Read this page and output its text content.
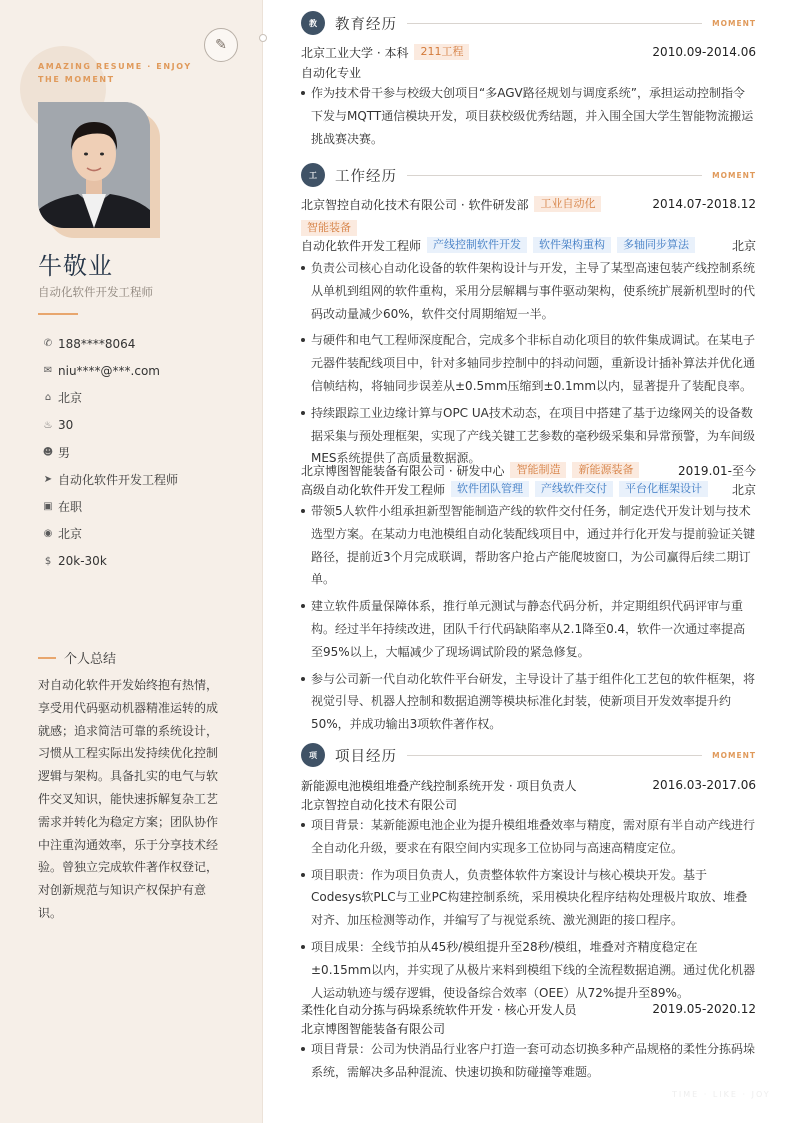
✎
AMAZING RESUME · ENJOY THE MOMENT
牛敬业
自动化软件开发工程师
✆ 188****8064
✉ niu****@***.com
⌂ 北京
♨ 30
☻ 男
➤ 自动化软件开发工程师
▣ 在职
◉ 北京
$ 20k-30k
个人总结
对自动化软件开发始终抱有热情，享受用代码驱动机器精准运转的成就感；追求简洁可靠的系统设计，习惯从工程实际出发持续优化控制逻辑与架构。具备扎实的电气与软件交叉知识，能快速拆解复杂工艺需求并转化为稳定方案；团队协作中注重沟通效率，乐于分享技术经验。曾独立完成软件著作权登记，对创新规范与知识产权保护有意识。
教	教育经历	MOMENT
北京工业大学 · 本科	211工程	2010.09-2014.06
自动化专业
作为技术骨干参与校级大创项目“多AGV路径规划与调度系统”，承担运动控制指令下发与MQTT通信模块开发，项目获校级优秀结题，并入围全国大学生智能物流搬运挑战赛决赛。
工	工作经历	MOMENT
北京智控自动化技术有限公司 · 软件研发部	工业自动化	2014.07-2018.12
智能装备
自动化软件开发工程师	产线控制软件开发	软件架构重构	多轴同步算法	北京
负责公司核心自动化设备的软件架构设计与开发，主导了某型高速包装产线控制系统从单机到组网的软件重构，采用分层解耦与事件驱动架构，使系统扩展新机型时的代码改动量减少60%，软件交付周期缩短一半。
与硬件和电气工程师深度配合，完成多个非标自动化项目的软件集成调试。在某电子元器件装配线项目中，针对多轴同步控制中的抖动问题，重新设计插补算法并优化通信帧结构，将轴同步误差从±0.5mm压缩到±0.1mm以内，显著提升了装配良率。
持续跟踪工业边缘计算与OPC UA技术动态，在项目中搭建了基于边缘网关的设备数据采集与预处理框架，实现了产线关键工艺参数的毫秒级采集和异常预警，为车间级MES系统提供了高质量数据源。
北京博图智能装备有限公司 · 研发中心	智能制造	新能源装备	2019.01-至今
高级自动化软件开发工程师	软件团队管理	产线软件交付	平台化框架设计	北京
带领5人软件小组承担新型智能制造产线的软件交付任务，制定迭代开发计划与技术选型方案。在某动力电池模组自动化装配线项目中，通过并行化开发与提前验证关键路径，提前近3个月完成联调，帮助客户抢占产能爬坡窗口，为公司赢得后续二期订单。
建立软件质量保障体系，推行单元测试与静态代码分析，并定期组织代码评审与重构。经过半年持续改进，团队千行代码缺陷率从2.1降至0.4，软件一次通过率提高至95%以上，大幅减少了现场调试阶段的紧急修复。
参与公司新一代自动化软件平台研发，主导设计了基于组件化工艺包的软件框架，将视觉引导、机器人控制和数据追溯等模块标准化封装，使新项目开发效率提升约50%，并成功输出3项软件著作权。
项	项目经历	MOMENT
新能源电池模组堆叠产线控制系统开发 · 项目负责人	2016.03-2017.06
北京智控自动化技术有限公司
项目背景：某新能源电池企业为提升模组堆叠效率与精度，需对原有半自动产线进行全自动化升级，要求在有限空间内实现多工位协同与高速高精度定位。
项目职责：作为项目负责人，负责整体软件方案设计与核心模块开发。基于Codesys软PLC与工业PC构建控制系统，采用模块化程序结构处理极片取放、堆叠对齐、加压检测等动作，并编写了与视觉系统、激光测距的接口程序。
项目成果：全线节拍从45秒/模组提升至28秒/模组，堆叠对齐精度稳定在±0.15mm以内，并实现了从极片来料到模组下线的全流程数据追溯。通过优化机器人运动轨迹与缓存逻辑，使设备综合效率（OEE）从72%提升至89%。
柔性化自动分拣与码垛系统软件开发 · 核心开发人员	2019.05-2020.12
北京博图智能装备有限公司
项目背景：公司为快消品行业客户打造一套可动态切换多种产品规格的柔性分拣码垛系统，需解决多品种混流、快速切换和防碰撞等难题。
TIME · LIKE · JOY
